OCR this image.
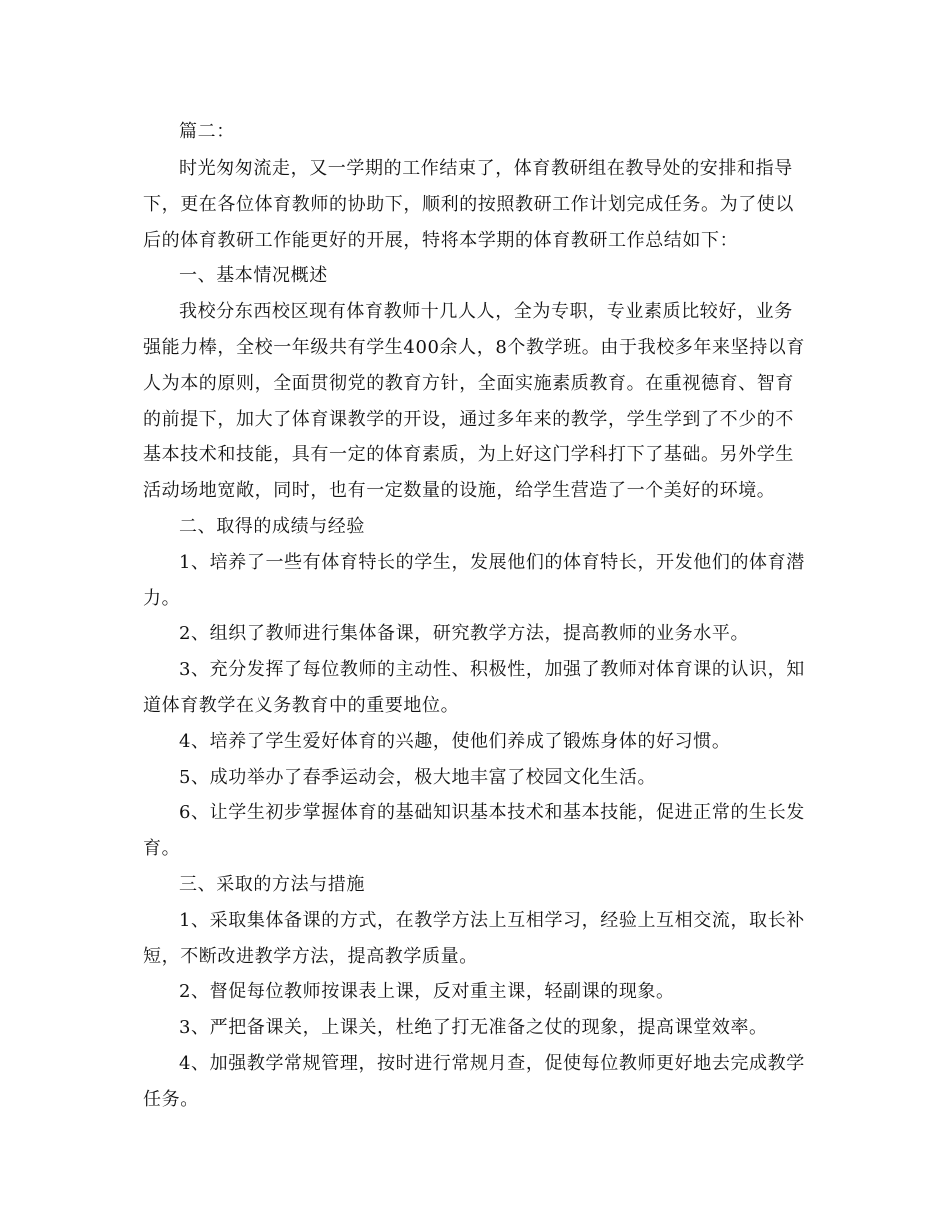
篇二：
时光匆匆流走，又一学期的工作结束了，体育教研组在教导处的安排和指导
下，更在各位体育教师的协助下，顺利的按照教研工作计划完成任务。为了使以
后的体育教研工作能更好的开展，特将本学期的体育教研工作总结如下：
一、基本情况概述
我校分东西校区现有体育教师十几人人，全为专职，专业素质比较好，业务
强能力棒，全校一年级共有学生400余人，8个教学班。由于我校多年来坚持以育
人为本的原则，全面贯彻党的教育方针，全面实施素质教育。在重视德育、智育
的前提下，加大了体育课教学的开设，通过多年来的教学，学生学到了不少的不
基本技术和技能，具有一定的体育素质，为上好这门学科打下了基础。另外学生
活动场地宽敞，同时，也有一定数量的设施，给学生营造了一个美好的环境。
二、取得的成绩与经验
1、培养了一些有体育特长的学生，发展他们的体育特长，开发他们的体育潜
力。
2、组织了教师进行集体备课，研究教学方法，提高教师的业务水平。
3、充分发挥了每位教师的主动性、积极性，加强了教师对体育课的认识，知
道体育教学在义务教育中的重要地位。
4、培养了学生爱好体育的兴趣，使他们养成了锻炼身体的好习惯。
5、成功举办了春季运动会，极大地丰富了校园文化生活。
6、让学生初步掌握体育的基础知识基本技术和基本技能，促进正常的生长发
育。
三、采取的方法与措施
1、采取集体备课的方式，在教学方法上互相学习，经验上互相交流，取长补
短，不断改进教学方法，提高教学质量。
2、督促每位教师按课表上课，反对重主课，轻副课的现象。
3、严把备课关，上课关，杜绝了打无准备之仗的现象，提高课堂效率。
4、加强教学常规管理，按时进行常规月查，促使每位教师更好地去完成教学
任务。
